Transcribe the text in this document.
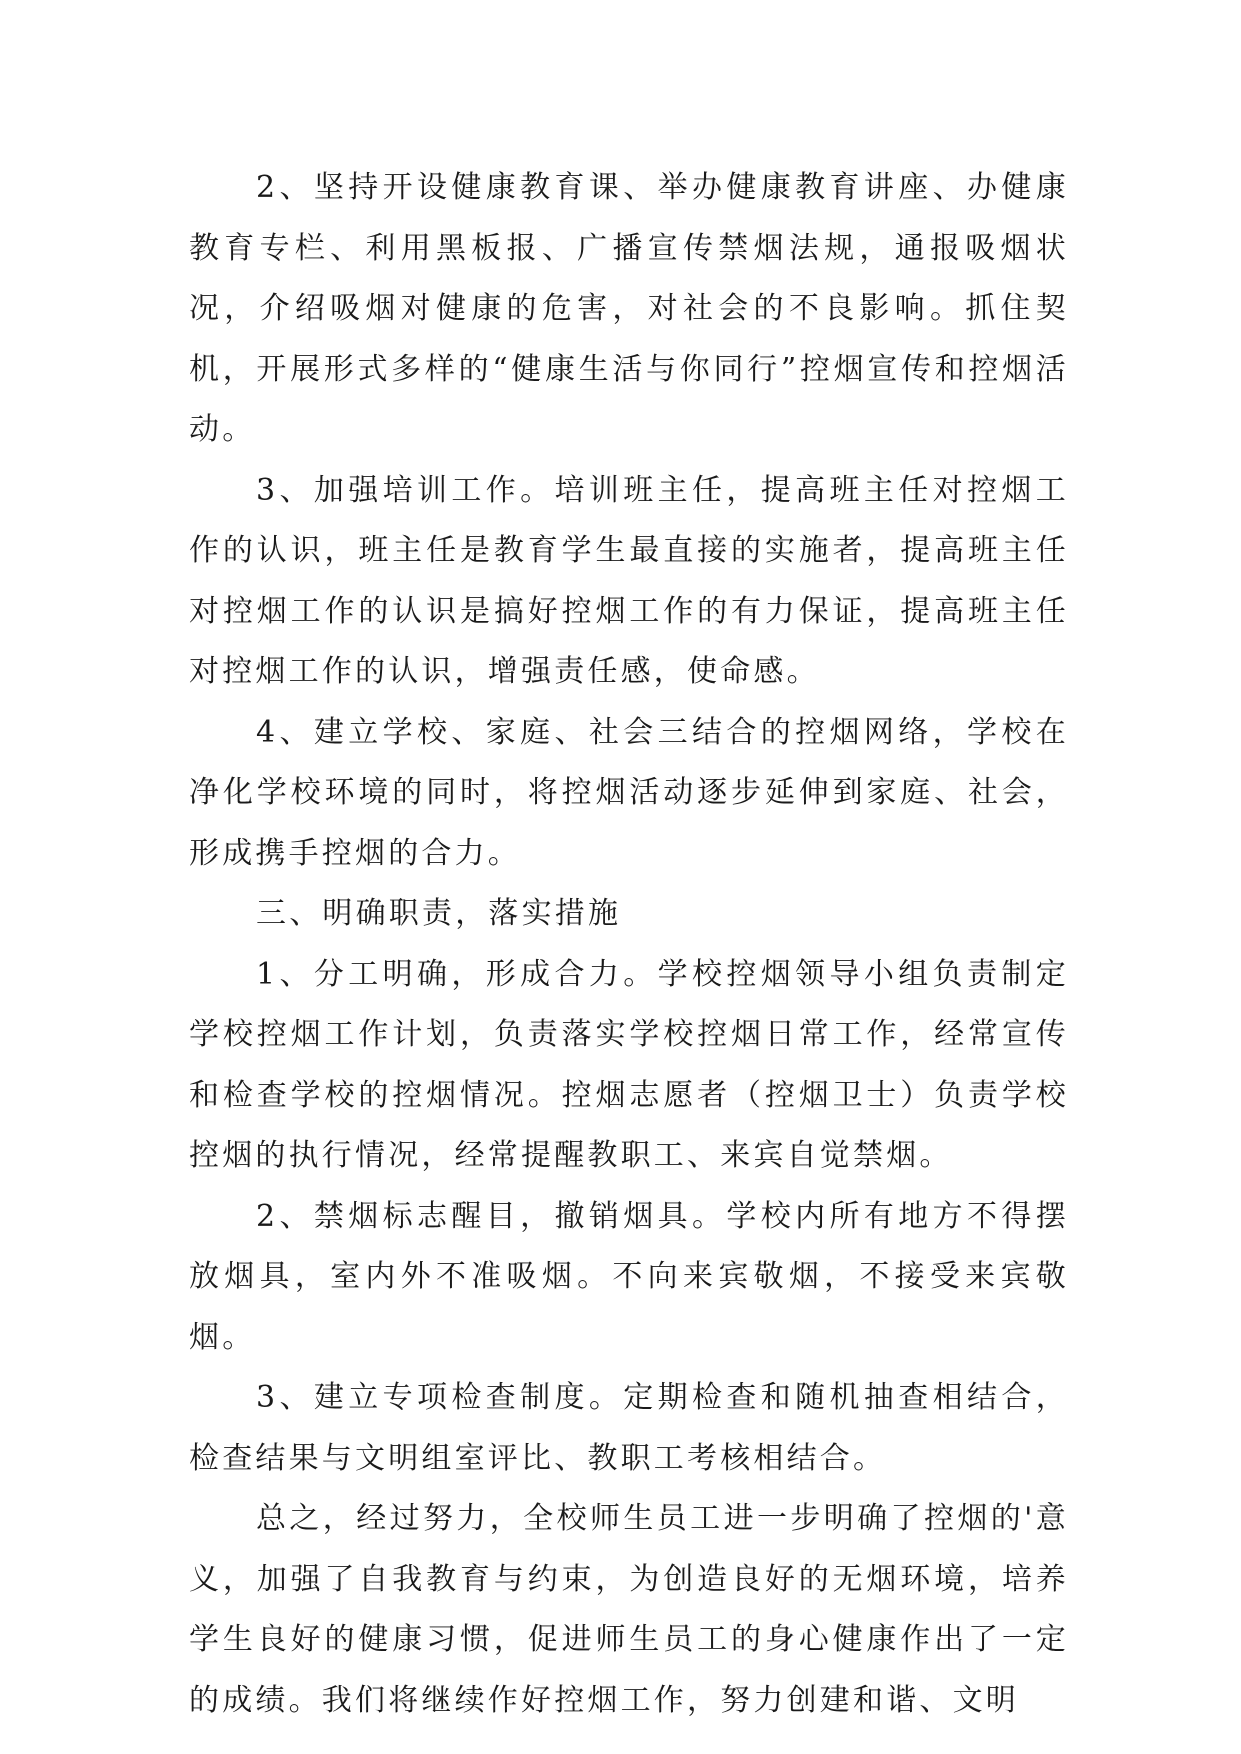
2、坚持开设健康教育课、举办健康教育讲座、办健康教育专栏、利用黑板报、广播宣传禁烟法规，通报吸烟状况，介绍吸烟对健康的危害，对社会的不良影响。抓住契机，开展形式多样的“健康生活与你同行”控烟宣传和控烟活动。

3、加强培训工作。培训班主任，提高班主任对控烟工作的认识，班主任是教育学生最直接的实施者，提高班主任对控烟工作的认识是搞好控烟工作的有力保证，提高班主任对控烟工作的认识，增强责任感，使命感。

4、建立学校、家庭、社会三结合的控烟网络，学校在净化学校环境的同时，将控烟活动逐步延伸到家庭、社会，形成携手控烟的合力。

三、明确职责，落实措施

1、分工明确，形成合力。学校控烟领导小组负责制定学校控烟工作计划，负责落实学校控烟日常工作，经常宣传和检查学校的控烟情况。控烟志愿者（控烟卫士）负责学校控烟的执行情况，经常提醒教职工、来宾自觉禁烟。

2、禁烟标志醒目，撤销烟具。学校内所有地方不得摆放烟具，室内外不准吸烟。不向来宾敬烟，不接受来宾敬烟。

3、建立专项检查制度。定期检查和随机抽查相结合，检查结果与文明组室评比、教职工考核相结合。

总之，经过努力，全校师生员工进一步明确了控烟的'意义，加强了自我教育与约束，为创造良好的无烟环境，培养学生良好的健康习惯，促进师生员工的身心健康作出了一定的成绩。我们将继续作好控烟工作，努力创建和谐、文明
